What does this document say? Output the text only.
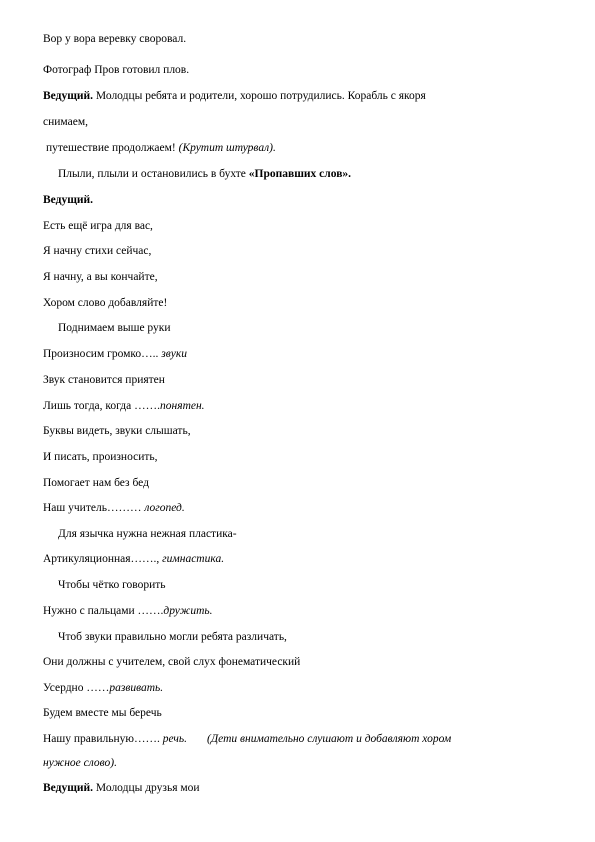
Вор у вора веревку своровал.
Фотограф Пров готовил плов.
Ведущий. Молодцы ребята и родители, хорошо потрудились. Корабль с якоря
снимаем,
путешествие продолжаем! (Крутит штурвал).
Плыли, плыли и остановились в бухте «Пропавших слов».
Ведущий.
Есть ещё игра для вас,
Я начну стихи сейчас,
Я начну, а вы кончайте,
Хором слово добавляйте!
Поднимаем выше руки
Произносим громко….. звуки
Звук становится приятен
Лишь тогда, когда …….понятен.
Буквы видеть, звуки слышать,
И писать, произносить,
Помогает нам без бед
Наш учитель……… логопед.
Для язычка нужна нежная пластика-
Артикуляционная……., гимнастика.
Чтобы чётко говорить
Нужно с пальцами …….дружить.
Чтоб звуки правильно могли ребята различать,
Они должны с учителем, свой слух фонематический
Усердно ……развивать.
Будем вместе мы беречь
Нашу правильную……. речь. (Дети внимательно слушают и добавляют хором
нужное слово).
Ведущий. Молодцы друзья мои
